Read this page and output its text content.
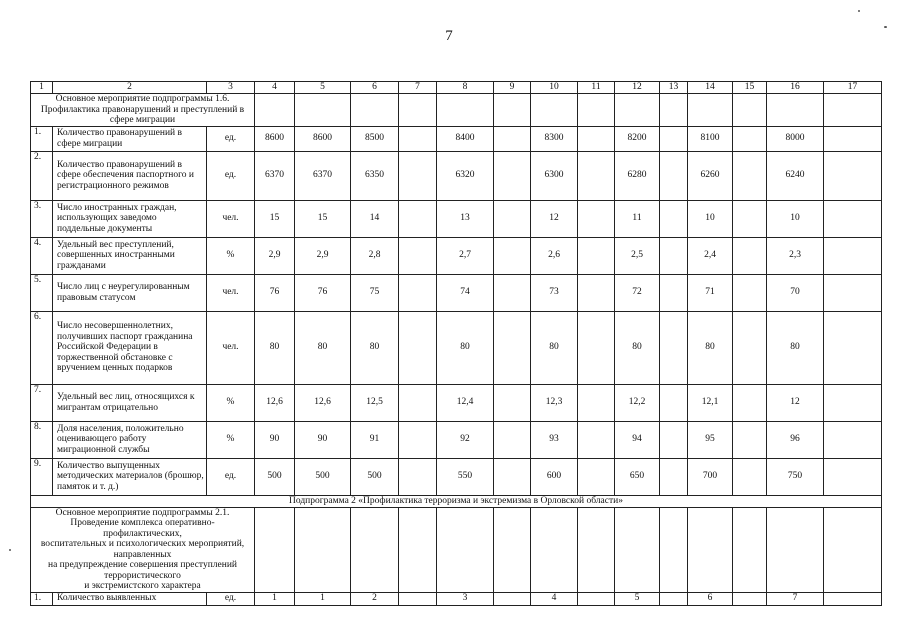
7
1	2	3	4	5	6	7	8	9	10	11	12	13	14	15	16	17

Основное мероприятие подпрограммы 1.6.
Профилактика правонарушений и преступлений в сфере миграции																

1.	Количество правонарушений в сфере миграции	ед.	8600	8600	8500		8400		8300		8200		8100		8000	
2.	Количество правонарушений в сфере обеспечения паспортного и регистрационного режимов	ед.	6370	6370	6350		6320		6300		6280		6260		6240	
3.	Число иностранных граждан, использующих заведомо поддельные документы	чел.	15	15	14		13		12		11		10		10	
4.	Удельный вес преступлений, совершенных иностранными гражданами	%	2,9	2,9	2,8		2,7		2,6		2,5		2,4		2,3	
5.	Число лиц с неурегулированным правовым статусом	чел.	76	76	75		74		73		72		71		70	
6.	Число несовершеннолетних, получивших паспорт гражданина Российской Федерации в торжественной обстановке с вручением ценных подарков	чел.	80	80	80		80		80		80		80		80	
7.	Удельный вес лиц, относящихся к мигрантам отрицательно	%	12,6	12,6	12,5		12,4		12,3		12,2		12,1		12	
8.	Доля населения, положительно оценивающего работу миграционной службы	%	90	90	91		92		93		94		95		96	
9.	Количество выпущенных методических материалов (брошюр, памяток и т. д.)	ед.	500	500	500		550		600		650		700		750	
Подпрограмма 2 «Профилактика терроризма и экстремизма в Орловской области»																

Основное мероприятие подпрограммы 2.1.
Проведение комплекса оперативно-профилактических,
воспитательных и психологических мероприятий, направленных
на предупреждение совершения преступлений террористического
и экстремистского характера																

1.	Количество выявленных	ед.	1	1	2		3		4		5		6		7	
